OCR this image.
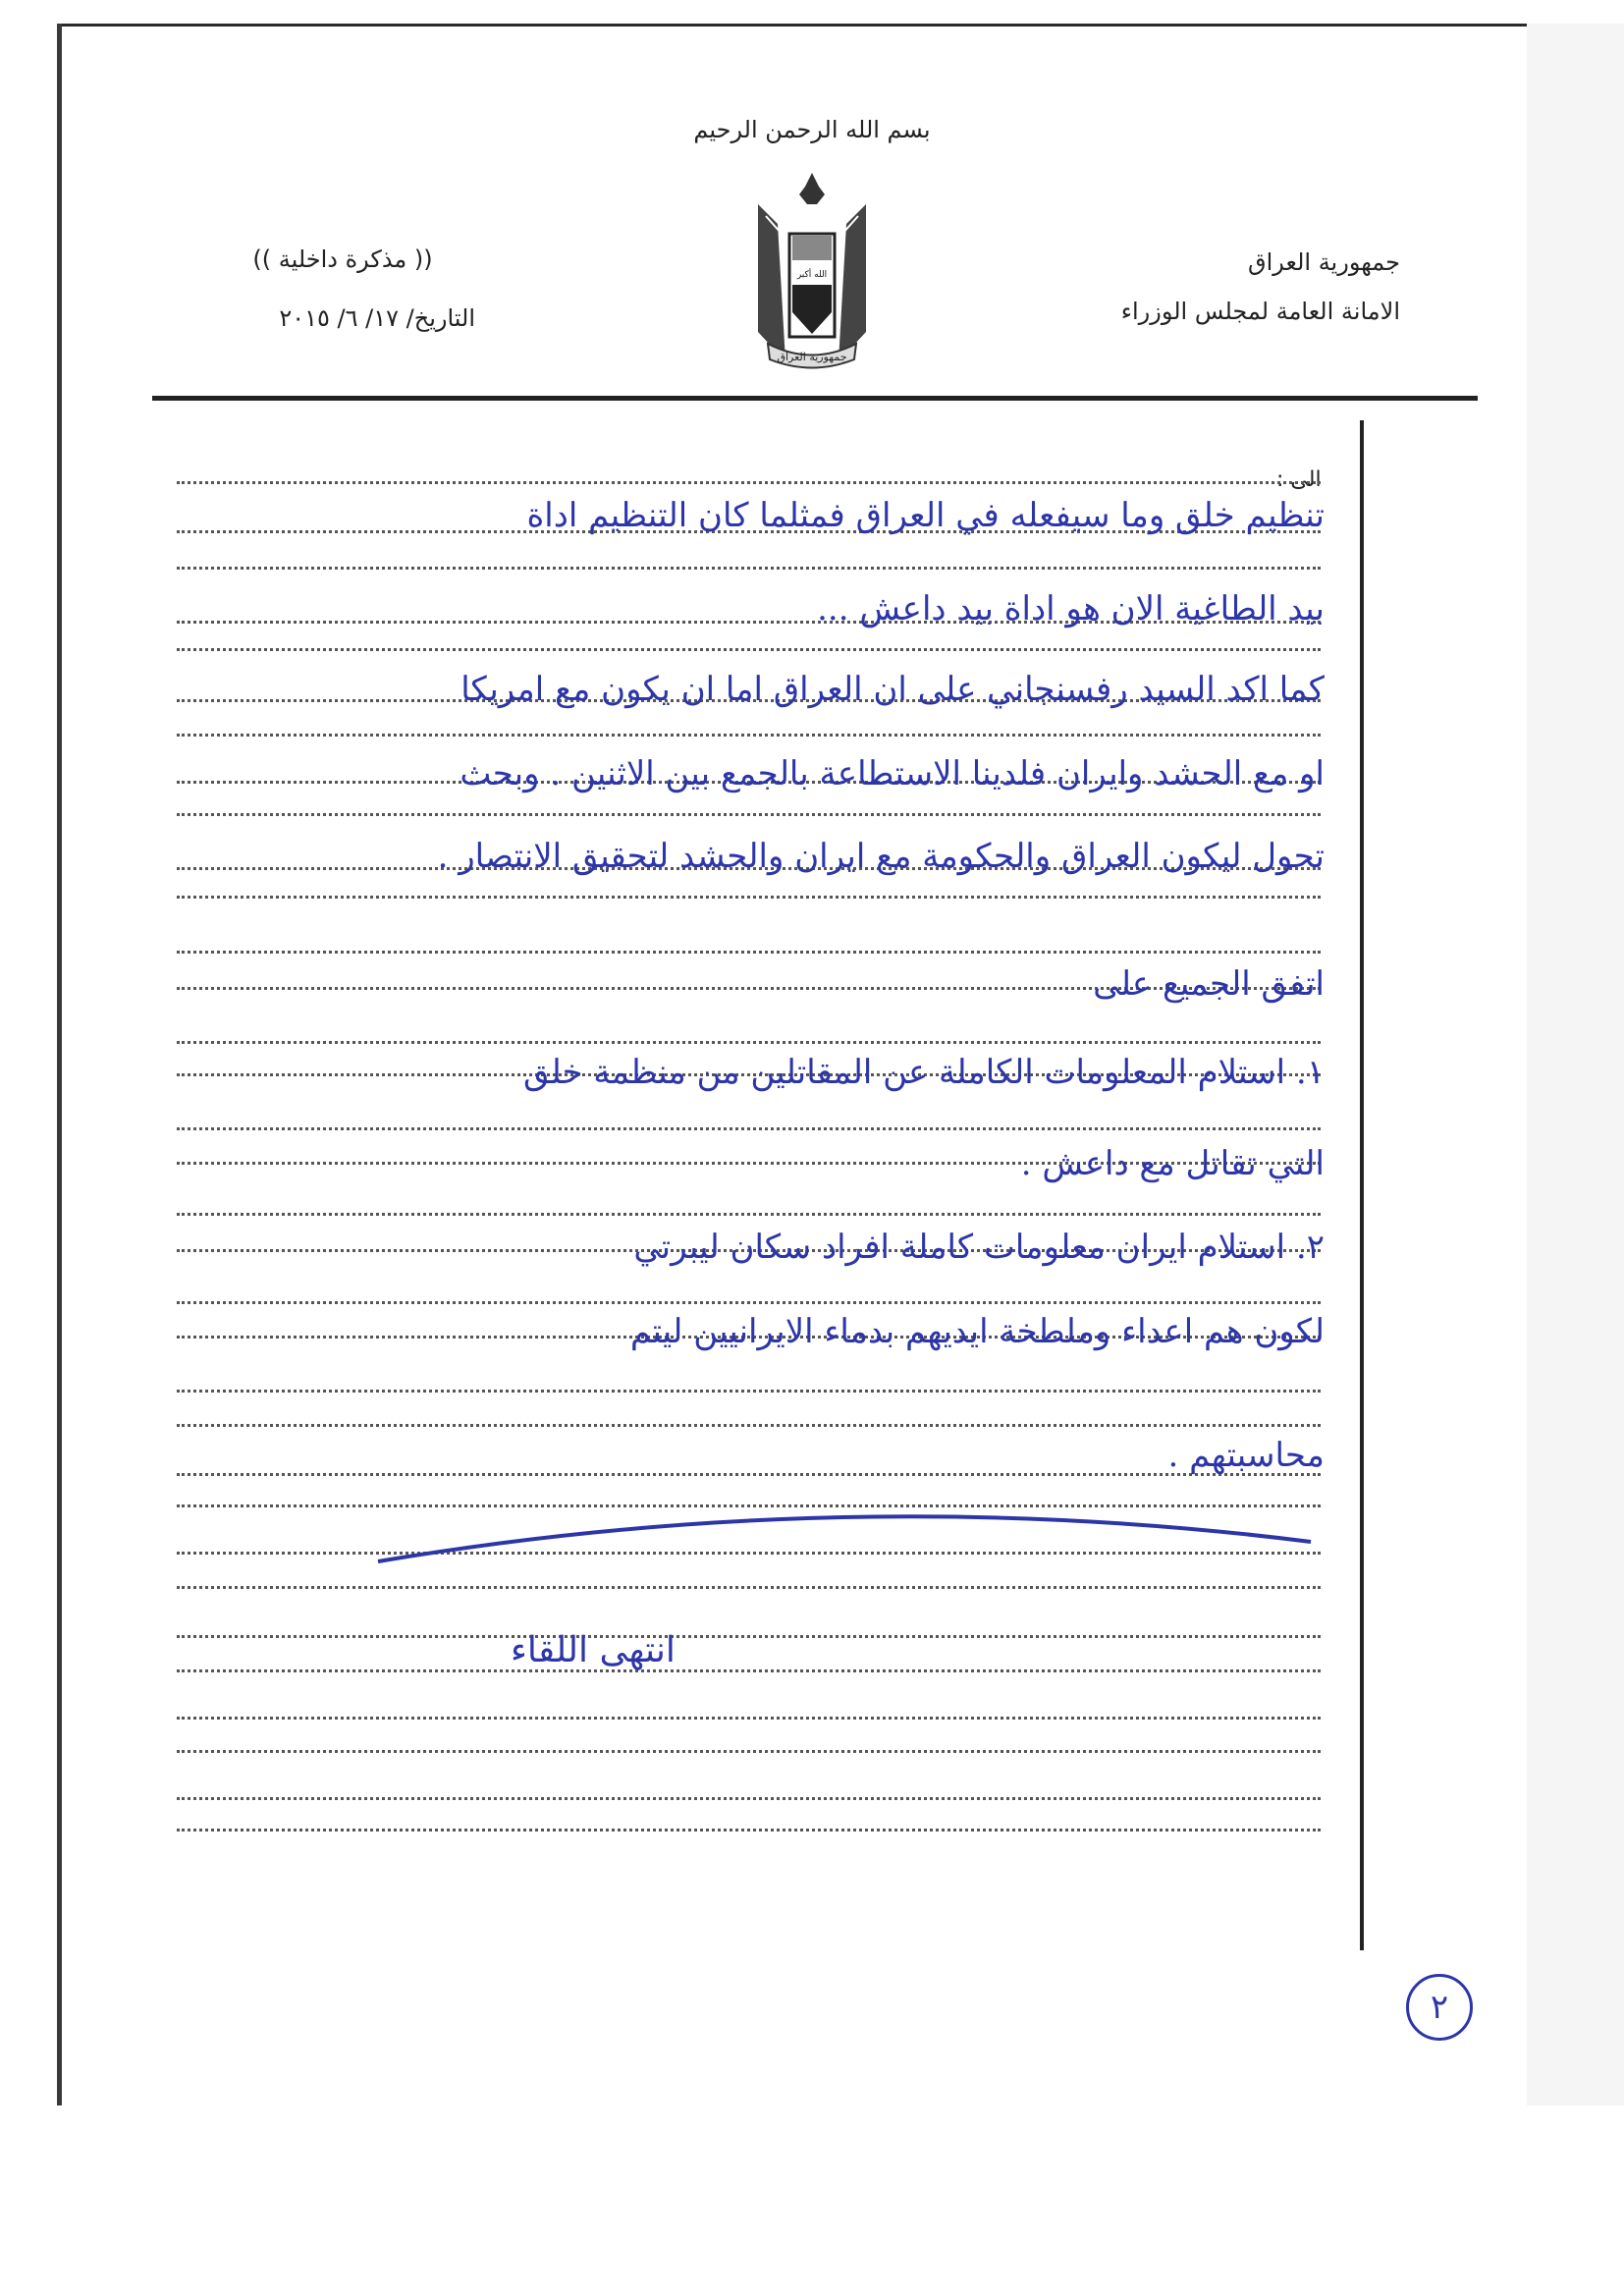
بسم الله الرحمن الرحيم
جمهورية العراق
الامانة العامة لمجلس الوزراء
(( مذكرة داخلية ))
التاريخ/ ١٧/ ٦/ ٢٠١٥
الله أكبر
جمهورية العراق
الى :
تنظيم خلق وما سيفعله في العراق فمثلما كان التنظيم اداة
بيد الطاغية الان هو اداة بيد داعش ...
كما اكد السيد رفسنجاني على ان العراق اما ان يكون مع امريكا
او مع الحشد وايران فلدينا الاستطاعة بالجمع بين الاثنين . وبحث
تحول ليكون العراق والحكومة مع ايران والحشد لتحقيق الانتصار .
اتفق الجميع على
١. استلام المعلومات الكاملة عن المقاتلين من منظمة خلق
التي تقاتل مع داعش .
٢. استلام ايران معلومات كاملة افراد سكان ليبرتي
لكون هم اعداء وملطخة ايديهم بدماء الايرانيين ليتم
محاسبتهم .
انتهى اللقاء
٢
